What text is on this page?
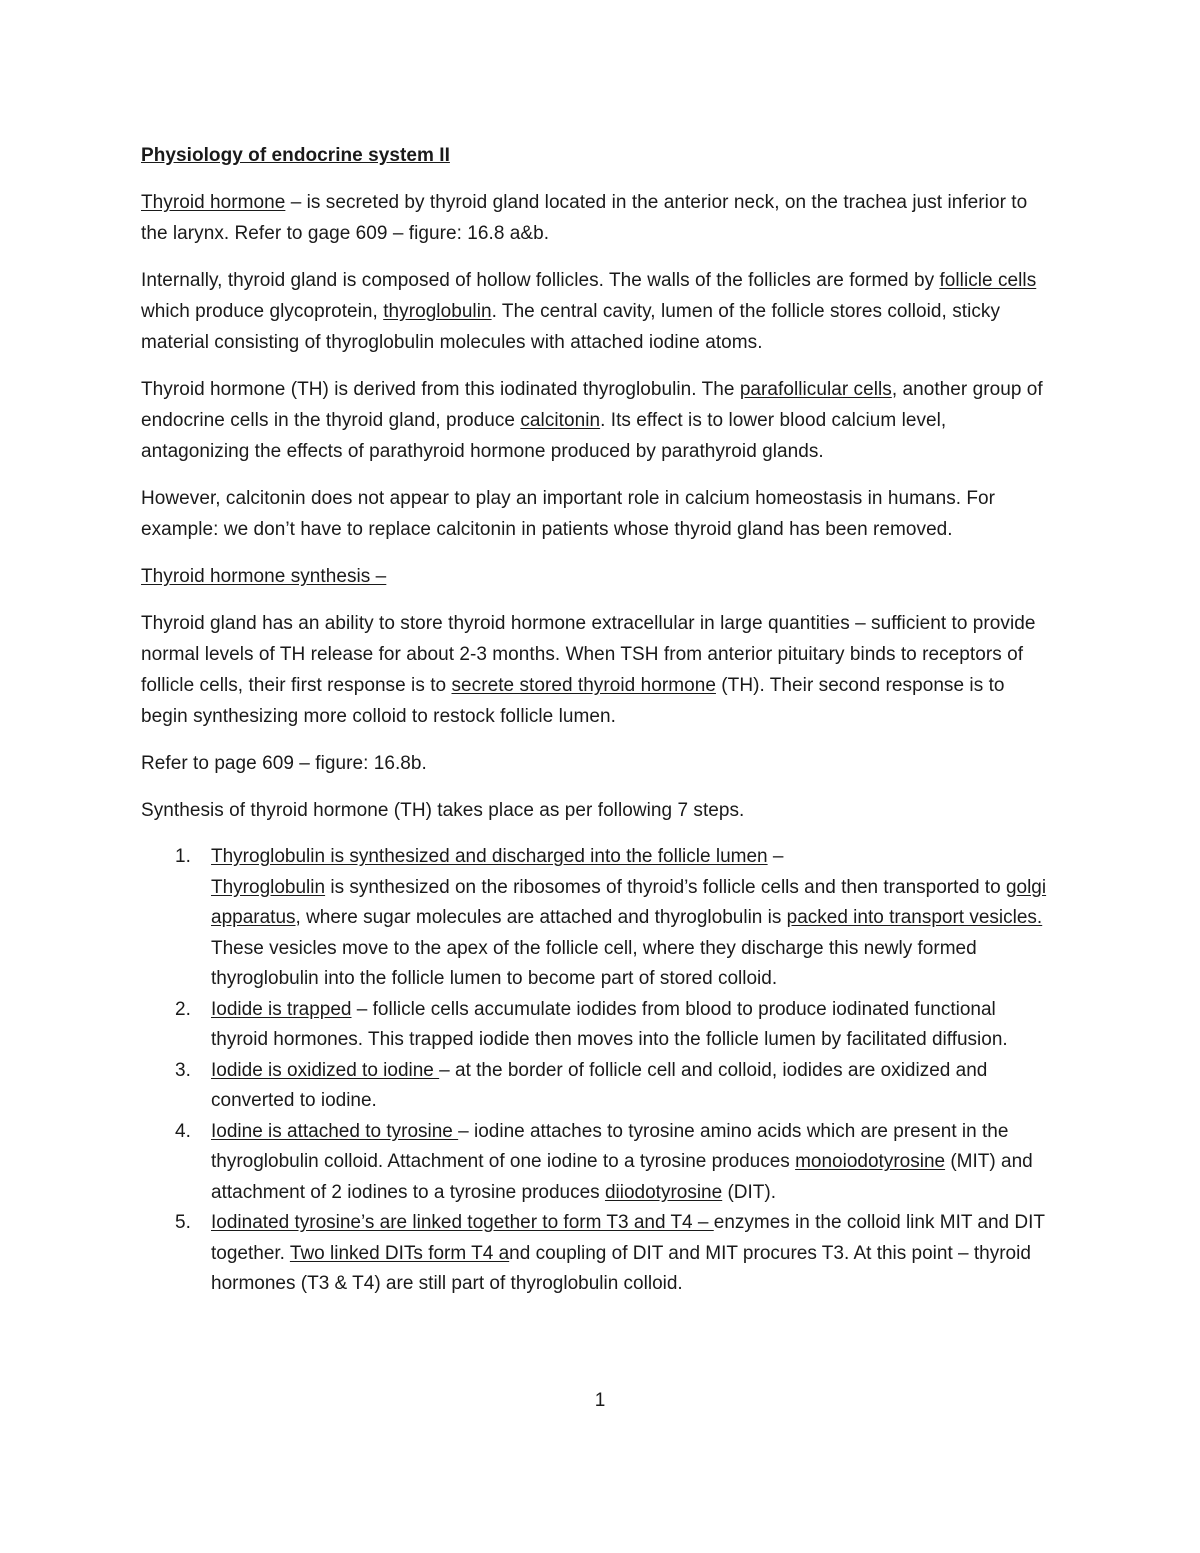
Physiology of endocrine system II

Thyroid hormone – is secreted by thyroid gland located in the anterior neck, on the trachea just inferior to the larynx. Refer to gage 609 – figure: 16.8 a&b.

Internally, thyroid gland is composed of hollow follicles. The walls of the follicles are formed by follicle cells which produce glycoprotein, thyroglobulin. The central cavity, lumen of the follicle stores colloid, sticky material consisting of thyroglobulin molecules with attached iodine atoms.

Thyroid hormone (TH) is derived from this iodinated thyroglobulin. The parafollicular cells, another group of endocrine cells in the thyroid gland, produce calcitonin. Its effect is to lower blood calcium level, antagonizing the effects of parathyroid hormone produced by parathyroid glands.

However, calcitonin does not appear to play an important role in calcium homeostasis in humans. For example: we don’t have to replace calcitonin in patients whose thyroid gland has been removed.

Thyroid hormone synthesis –

Thyroid gland has an ability to store thyroid hormone extracellular in large quantities – sufficient to provide normal levels of TH release for about 2-3 months. When TSH from anterior pituitary binds to receptors of follicle cells, their first response is to secrete stored thyroid hormone (TH). Their second response is to begin synthesizing more colloid to restock follicle lumen.

Refer to page 609 – figure: 16.8b.

Synthesis of thyroid hormone (TH) takes place as per following 7 steps.

1. Thyroglobulin is synthesized and discharged into the follicle lumen –
Thyroglobulin is synthesized on the ribosomes of thyroid’s follicle cells and then transported to golgi apparatus, where sugar molecules are attached and thyroglobulin is packed into transport vesicles.
These vesicles move to the apex of the follicle cell, where they discharge this newly formed thyroglobulin into the follicle lumen to become part of stored colloid.
2. Iodide is trapped – follicle cells accumulate iodides from blood to produce iodinated functional thyroid hormones. This trapped iodide then moves into the follicle lumen by facilitated diffusion.
3. Iodide is oxidized to iodine – at the border of follicle cell and colloid, iodides are oxidized and converted to iodine.
4. Iodine is attached to tyrosine – iodine attaches to tyrosine amino acids which are present in the thyroglobulin colloid. Attachment of one iodine to a tyrosine produces monoiodotyrosine (MIT) and attachment of 2 iodines to a tyrosine produces diiodotyrosine (DIT).
5. Iodinated tyrosine’s are linked together to form T3 and T4 – enzymes in the colloid link MIT and DIT together. Two linked DITs form T4 and coupling of DIT and MIT procures T3. At this point – thyroid hormones (T3 & T4) are still part of thyroglobulin colloid.
1
